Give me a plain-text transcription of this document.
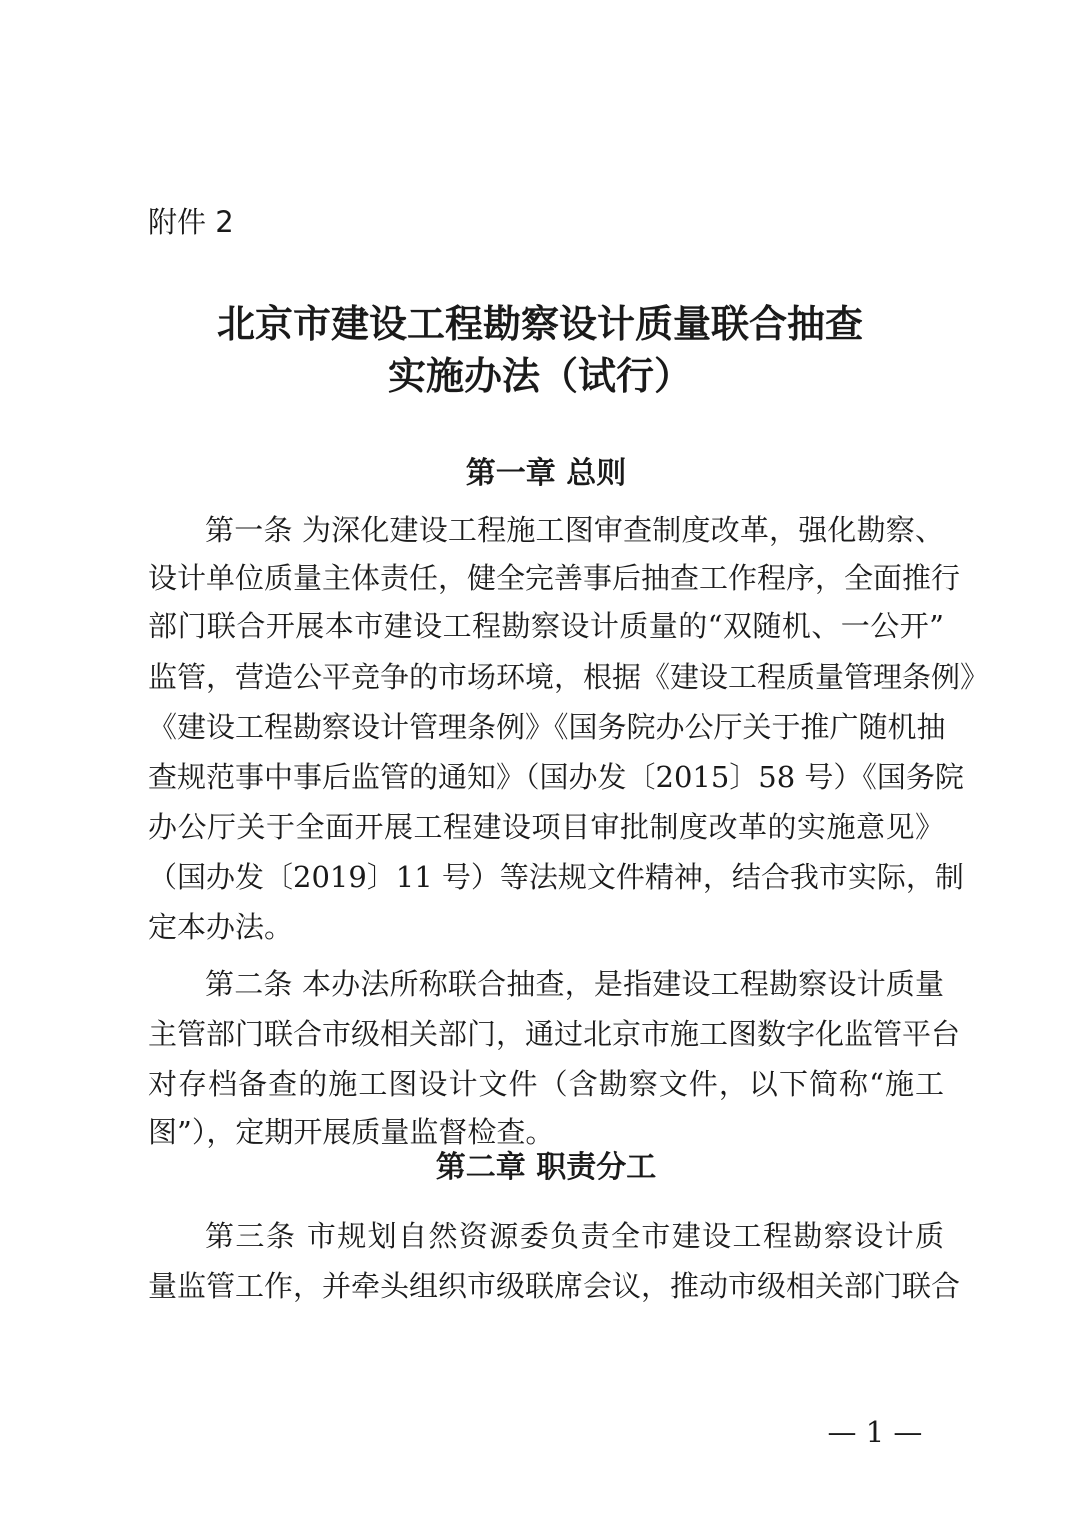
附件 2
北京市建设工程勘察设计质量联合抽查
实施办法（试行）
第一章 总则
第一条 为深化建设工程施工图审查制度改革，强化勘察、
设计单位质量主体责任，健全完善事后抽查工作程序，全面推行
部门联合开展本市建设工程勘察设计质量的“双随机、一公开”
监管，营造公平竞争的市场环境，根据《建设工程质量管理条例》
《建设工程勘察设计管理条例》《国务院办公厅关于推广随机抽
查规范事中事后监管的通知》（国办发〔2015〕58 号）《国务院
办公厅关于全面开展工程建设项目审批制度改革的实施意见》
（国办发〔2019〕11 号）等法规文件精神，结合我市实际，制
定本办法。
第二条 本办法所称联合抽查，是指建设工程勘察设计质量
主管部门联合市级相关部门，通过北京市施工图数字化监管平台
对存档备查的施工图设计文件（含勘察文件，以下简称“施工
图”），定期开展质量监督检查。
第二章 职责分工
第三条 市规划自然资源委负责全市建设工程勘察设计质
量监管工作，并牵头组织市级联席会议，推动市级相关部门联合
— 1 —
